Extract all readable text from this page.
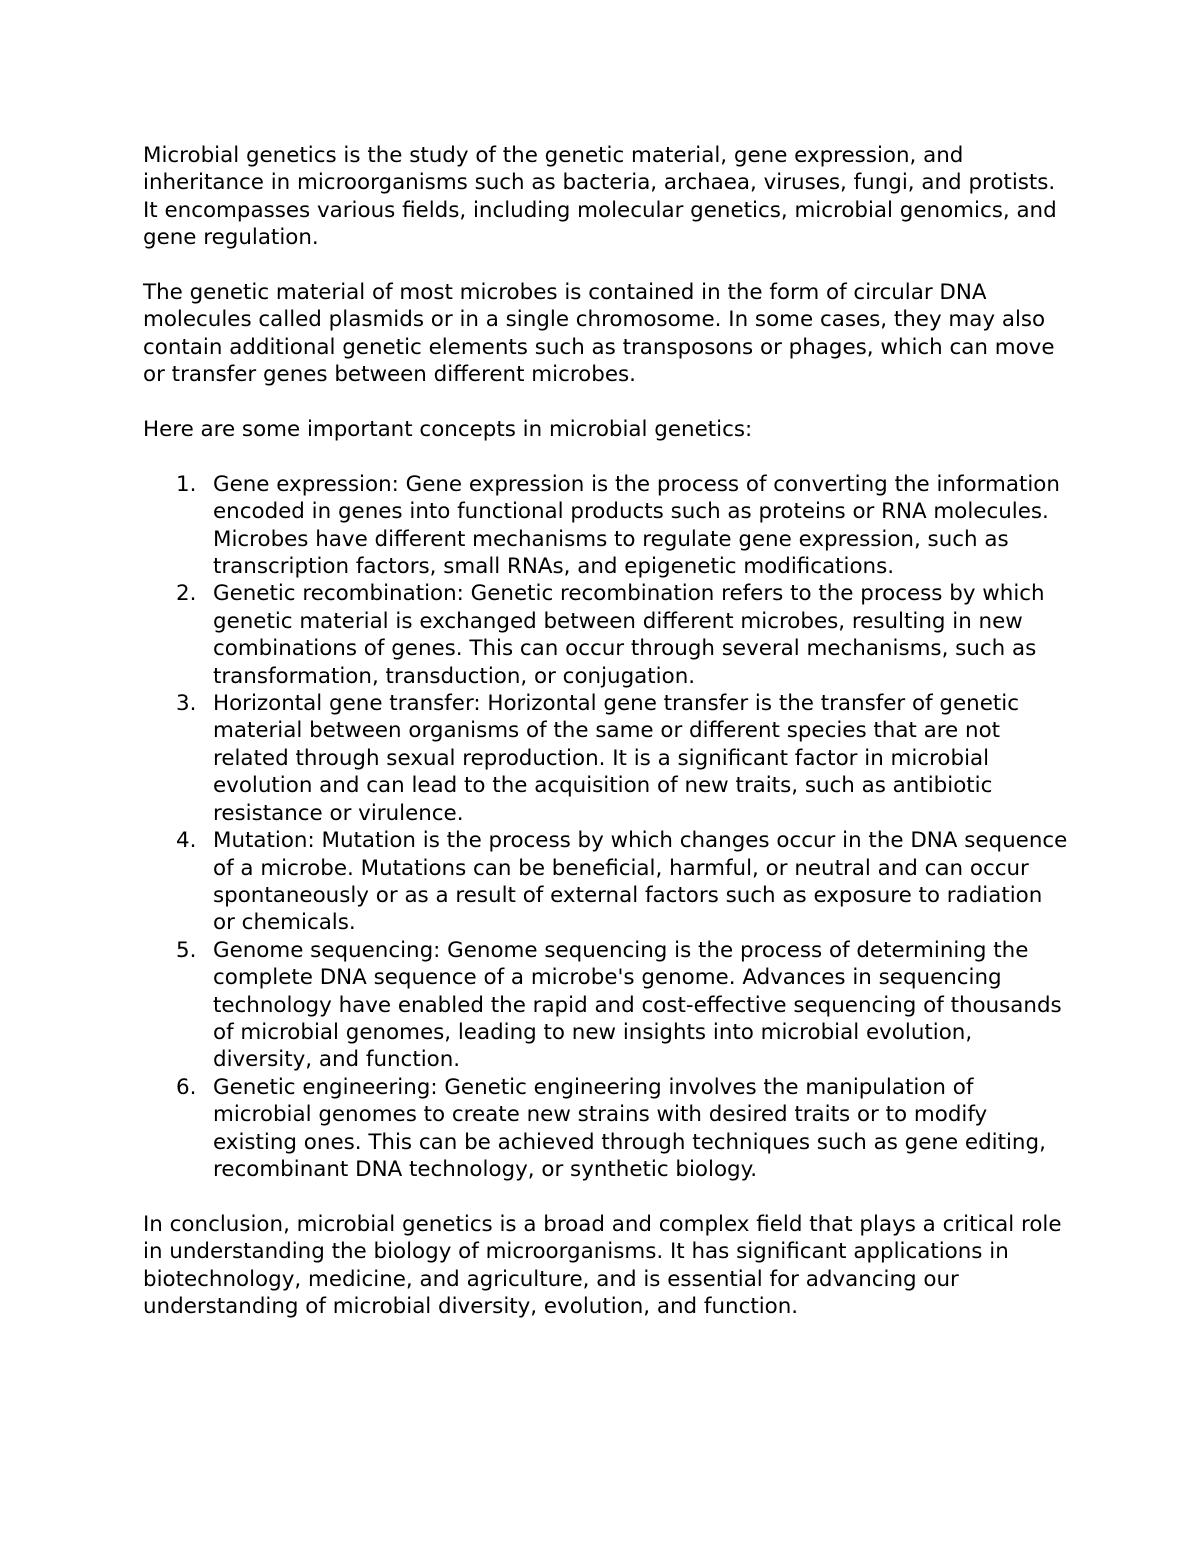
Microbial genetics is the study of the genetic material, gene expression, and inheritance in microorganisms such as bacteria, archaea, viruses, fungi, and protists. It encompasses various fields, including molecular genetics, microbial genomics, and gene regulation.

The genetic material of most microbes is contained in the form of circular DNA molecules called plasmids or in a single chromosome. In some cases, they may also contain additional genetic elements such as transposons or phages, which can move or transfer genes between different microbes.

Here are some important concepts in microbial genetics:

1. Gene expression: Gene expression is the process of converting the information encoded in genes into functional products such as proteins or RNA molecules. Microbes have different mechanisms to regulate gene expression, such as transcription factors, small RNAs, and epigenetic modifications.
2. Genetic recombination: Genetic recombination refers to the process by which genetic material is exchanged between different microbes, resulting in new combinations of genes. This can occur through several mechanisms, such as transformation, transduction, or conjugation.
3. Horizontal gene transfer: Horizontal gene transfer is the transfer of genetic material between organisms of the same or different species that are not related through sexual reproduction. It is a significant factor in microbial evolution and can lead to the acquisition of new traits, such as antibiotic resistance or virulence.
4. Mutation: Mutation is the process by which changes occur in the DNA sequence of a microbe. Mutations can be beneficial, harmful, or neutral and can occur spontaneously or as a result of external factors such as exposure to radiation or chemicals.
5. Genome sequencing: Genome sequencing is the process of determining the complete DNA sequence of a microbe's genome. Advances in sequencing technology have enabled the rapid and cost-effective sequencing of thousands of microbial genomes, leading to new insights into microbial evolution, diversity, and function.
6. Genetic engineering: Genetic engineering involves the manipulation of microbial genomes to create new strains with desired traits or to modify existing ones. This can be achieved through techniques such as gene editing, recombinant DNA technology, or synthetic biology.

In conclusion, microbial genetics is a broad and complex field that plays a critical role in understanding the biology of microorganisms. It has significant applications in biotechnology, medicine, and agriculture, and is essential for advancing our understanding of microbial diversity, evolution, and function.
